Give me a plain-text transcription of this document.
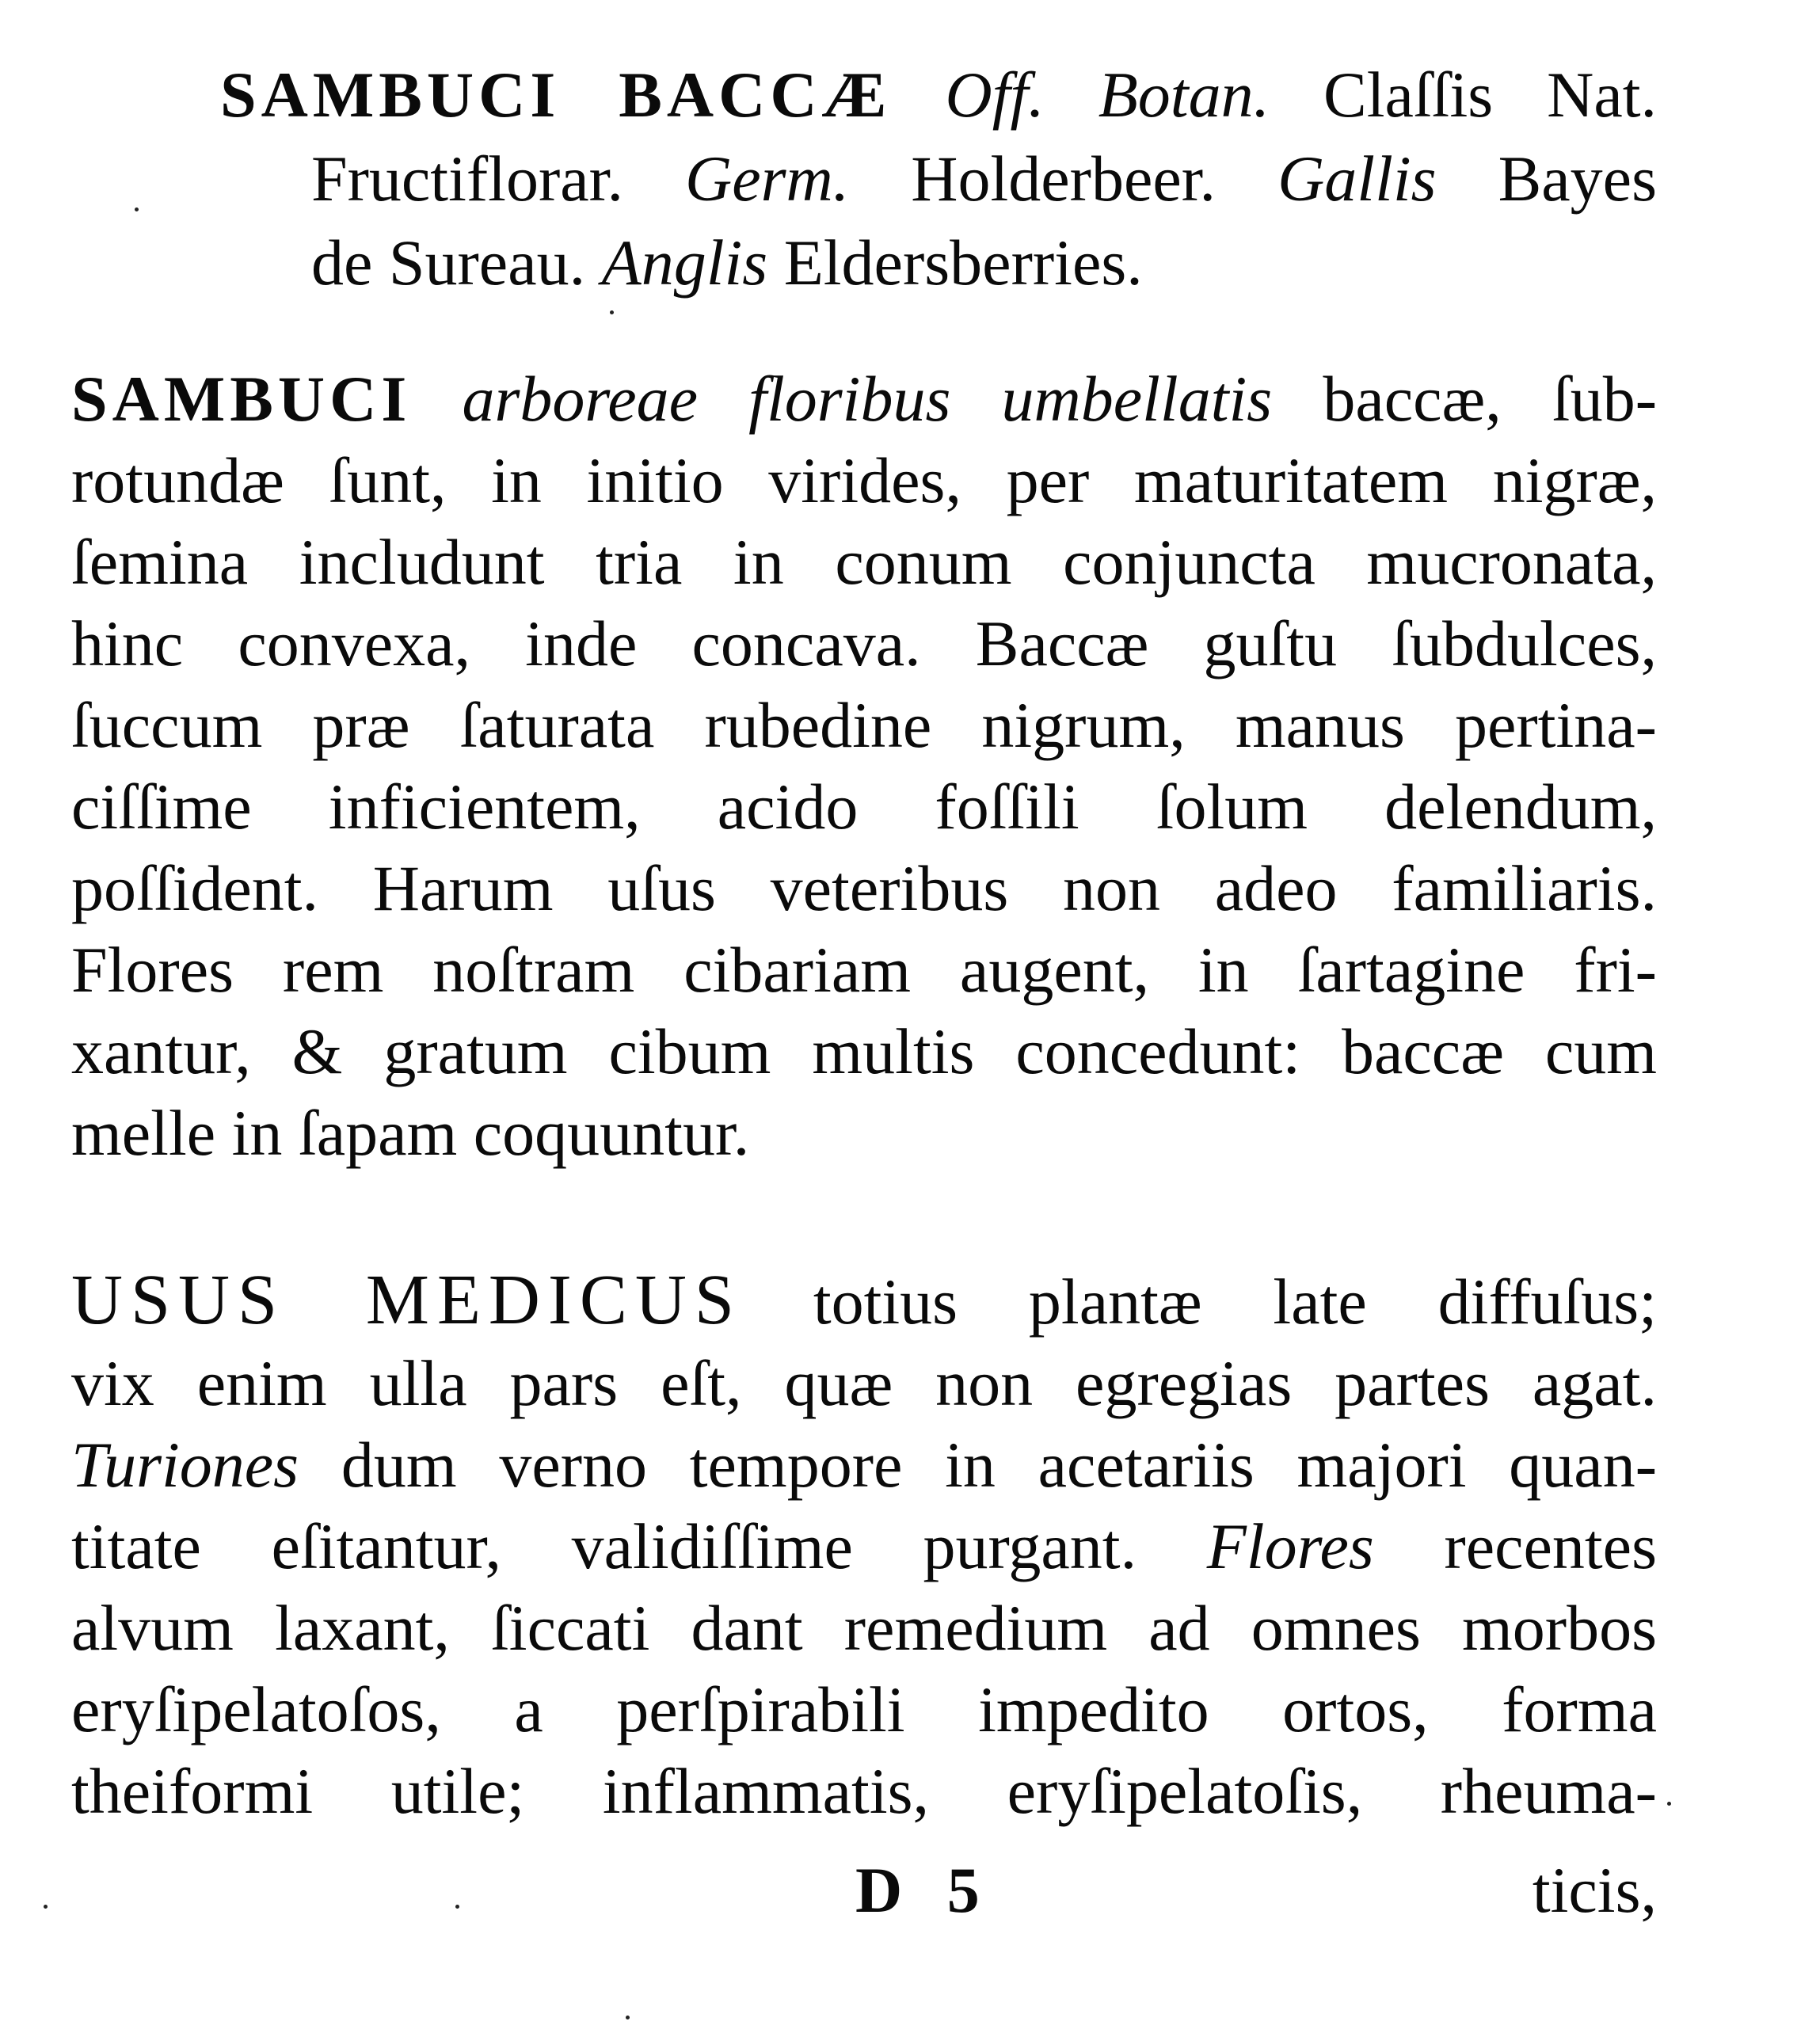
SAMBUCI BACCÆ Off. Botan. Claſſis Nat.
Fructiflorar. Germ. Holderbeer. Gallis Bayes
de Sureau. Anglis Eldersberries.
SAMBUCI arboreae floribus umbellatis baccæ, ſub-
rotundæ ſunt, in initio virides, per maturitatem nigræ,
ſemina includunt tria in conum conjuncta mucronata,
hinc convexa, inde concava. Baccæ guſtu ſubdulces,
ſuccum præ ſaturata rubedine nigrum, manus pertina-
ciſſime inficientem, acido foſſili ſolum delendum,
poſſident. Harum uſus veteribus non adeo familiaris.
Flores rem noſtram cibariam augent, in ſartagine fri-
xantur, & gratum cibum multis concedunt: baccæ cum
melle in ſapam coquuntur.
USUS MEDICUS totius plantæ late diffuſus;
vix enim ulla pars eſt, quæ non egregias partes agat.
Turiones dum verno tempore in acetariis majori quan-
titate eſitantur, validiſſime purgant. Flores recentes
alvum laxant, ſiccati dant remedium ad omnes morbos
eryſipelatoſos, a perſpirabili impedito ortos, forma
theiformi utile; inflammatis, eryſipelatoſis, rheuma-
D 5	ticis,
